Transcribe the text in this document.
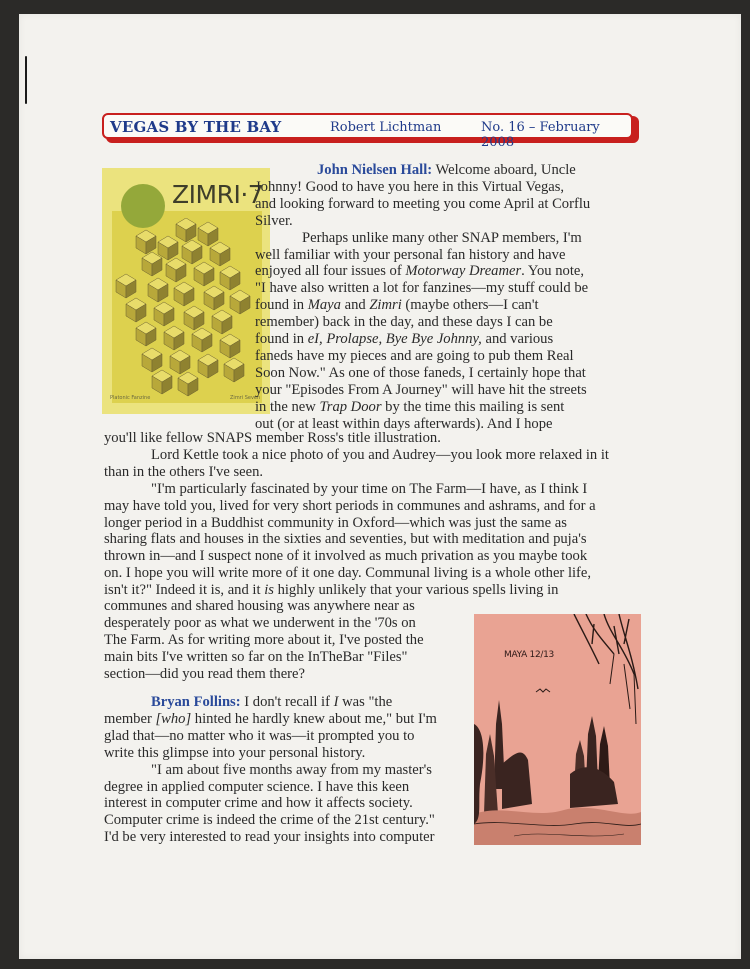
VEGAS BY THE BAY	Robert Lichtman	No. 16 – February 2008
ZIMRI·7
Platonic Fanzine	Zimri Seven

John Nielsen Hall: Welcome aboard, Uncle
Johnny! Good to have you here in this Virtual Vegas,
and looking forward to meeting you come April at Corflu
Silver.

Perhaps unlike many other SNAP members, I'm
well familiar with your personal fan history and have
enjoyed all four issues of Motorway Dreamer. You note,
"I have also written a lot for fanzines—my stuff could be
found in Maya and Zimri (maybe others—I can't
remember) back in the day, and these days I can be
found in eI, Prolapse, Bye Bye Johnny, and various
faneds have my pieces and are going to pub them Real
Soon Now." As one of those faneds, I certainly hope that
your "Episodes From A Journey" will have hit the streets
in the new Trap Door by the time this mailing is sent
out (or at least within days afterwards). And I hope

you'll like fellow SNAPS member Ross's title illustration.

Lord Kettle took a nice photo of you and Audrey—you look more relaxed in it

than in the others I've seen.

"I'm particularly fascinated by your time on The Farm—I have, as I think I

may have told you, lived for very short periods in communes and ashrams, and for a
longer period in a Buddhist community in Oxford—which was just the same as
sharing flats and houses in the sixties and seventies, but with meditation and puja's
thrown in—and I suspect none of it involved as much privation as you maybe took
on. I hope you will write more of it one day. Communal living is a whole other life,
isn't it?" Indeed it is, and it is highly unlikely that your various spells living in

communes and shared housing was anywhere near as
desperately poor as what we underwent in the '70s on
The Farm. As for writing more about it, I've posted the
main bits I've written so far on the InTheBar "Files"
section—did you read them there?

Bryan Follins: I don't recall if I was "the
member [who] hinted he hardly knew about me," but I'm
glad that—no matter who it was—it prompted you to
write this glimpse into your personal history.

"I am about five months away from my master's

degree in applied computer science. I have this keen
interest in computer crime and how it affects society.
Computer crime is indeed the crime of the 21st century."
I'd be very interested to read your insights into computer

MAYA 12/13
